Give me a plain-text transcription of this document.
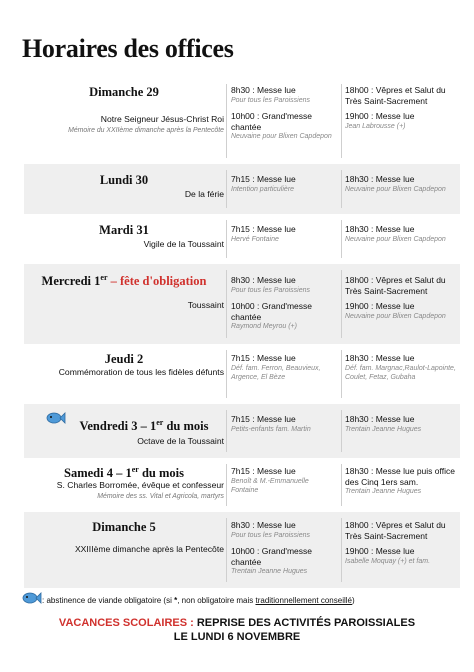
Horaires des offices
Dimanche 29
Notre Seigneur Jésus-Christ Roi
Mémoire du XXIIème dimanche après la Pentecôte
8h30 : Messe lue
Pour tous les Paroissiens
10h00 : Grand'messe chantée
Neuvaine pour Blixen Capdepon
18h00 : Vêpres et Salut du Très Saint-Sacrement
19h00 : Messe lue
Jean Labrousse (+)
Lundi 30
De la férie
7h15 : Messe lue
Intention particulière
18h30 : Messe lue
Neuvaine pour Blixen Capdepon
Mardi 31
Vigile de la Toussaint
7h15 : Messe lue
Hervé Fontaine
18h30 : Messe lue
Neuvaine pour Blixen Capdepon
Mercredi 1er – fête d'obligation
Toussaint
8h30 : Messe lue
Pour tous les Paroissiens
10h00 : Grand'messe chantée
Raymond Meyrou (+)
18h00 : Vêpres et Salut du Très Saint-Sacrement
19h00 : Messe lue
Neuvaine pour Blixen Capdepon
Jeudi 2
Commémoration de tous les fidèles défunts
7h15 : Messe lue
Déf. fam. Ferron, Beauvieux, Argence, El Bèze
18h30 : Messe lue
Déf. fam. Margnac,Raulot-Lapointe, Coulet, Fetaz, Gubaha
Vendredi 3 – 1er du mois
Octave de la Toussaint
7h15 : Messe lue
Petits-enfants fam. Martin
18h30 : Messe lue
Trentain Jeanne Hugues
Samedi 4 – 1er du mois
S. Charles Borromée, évêque et confesseur
Mémoire des ss. Vital et Agricola, martyrs
7h15 : Messe lue
Benoît & M.-Emmanuelle Fontaine
18h30 : Messe lue puis office des Cinq 1ers sam.
Trentain Jeanne Hugues
Dimanche 5
XXIIIème dimanche après la Pentecôte
8h30 : Messe lue
Pour tous les Paroissiens
10h00 : Grand'messe chantée
Trentain Jeanne Hugues
18h00 : Vêpres et Salut du Très Saint-Sacrement
19h00 : Messe lue
Isabelle Moquay (+) et fam.
: abstinence de viande obligatoire (si *, non obligatoire mais traditionnellement conseillé)
VACANCES SCOLAIRES : REPRISE DES ACTIVITÉS PAROISSIALES
LE LUNDI 6 NOVEMBRE
